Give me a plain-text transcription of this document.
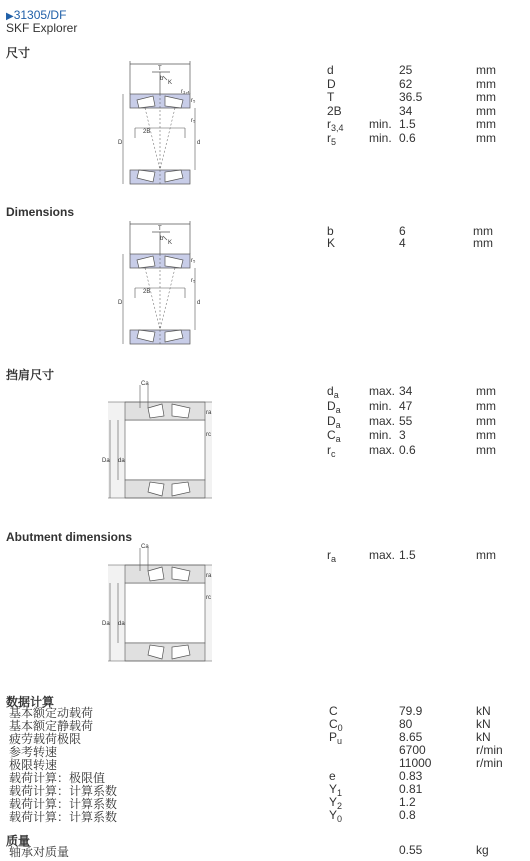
▶31305/DF
SKF Explorer
尺寸
T
b
K
r₃,₄
r₅
r₅
2B
D	d
d	25	mm
D	62	mm
T	36.5	mm
2B	34	mm
$r_{3,4}$ min. 1.5	mm
$r_5$	min. 0.6	mm
Dimensions
T
b
K
r₅
r₅
2B
D	d
b	6	mm
K	4	mm
挡肩尺寸
Ca
ra
rc
Da da
$d_a$	max. 34	mm
$D_a$ min. 47	mm
$D_a$ max. 55	mm
$C_a$ min. 3	mm
$r_c$	max. 0.6	mm
Abutment dimensions
Ca
ra
rc
Da da
$r_a$	max. 1.5	mm
数据计算
基本额定动载荷	C	79.9	kN
基本额定静载荷	$C_0$	80	kN
疲劳载荷极限	$P_u$	8.65	kN
参考转速	6700	r/min
极限转速	11000	r/min
载荷计算：极限值	e	0.83
载荷计算：计算系数	$Y_1$	0.81
载荷计算：计算系数	$Y_2$	1.2
载荷计算：计算系数	$Y_0$	0.8
质量
轴承对质量	0.55	kg
